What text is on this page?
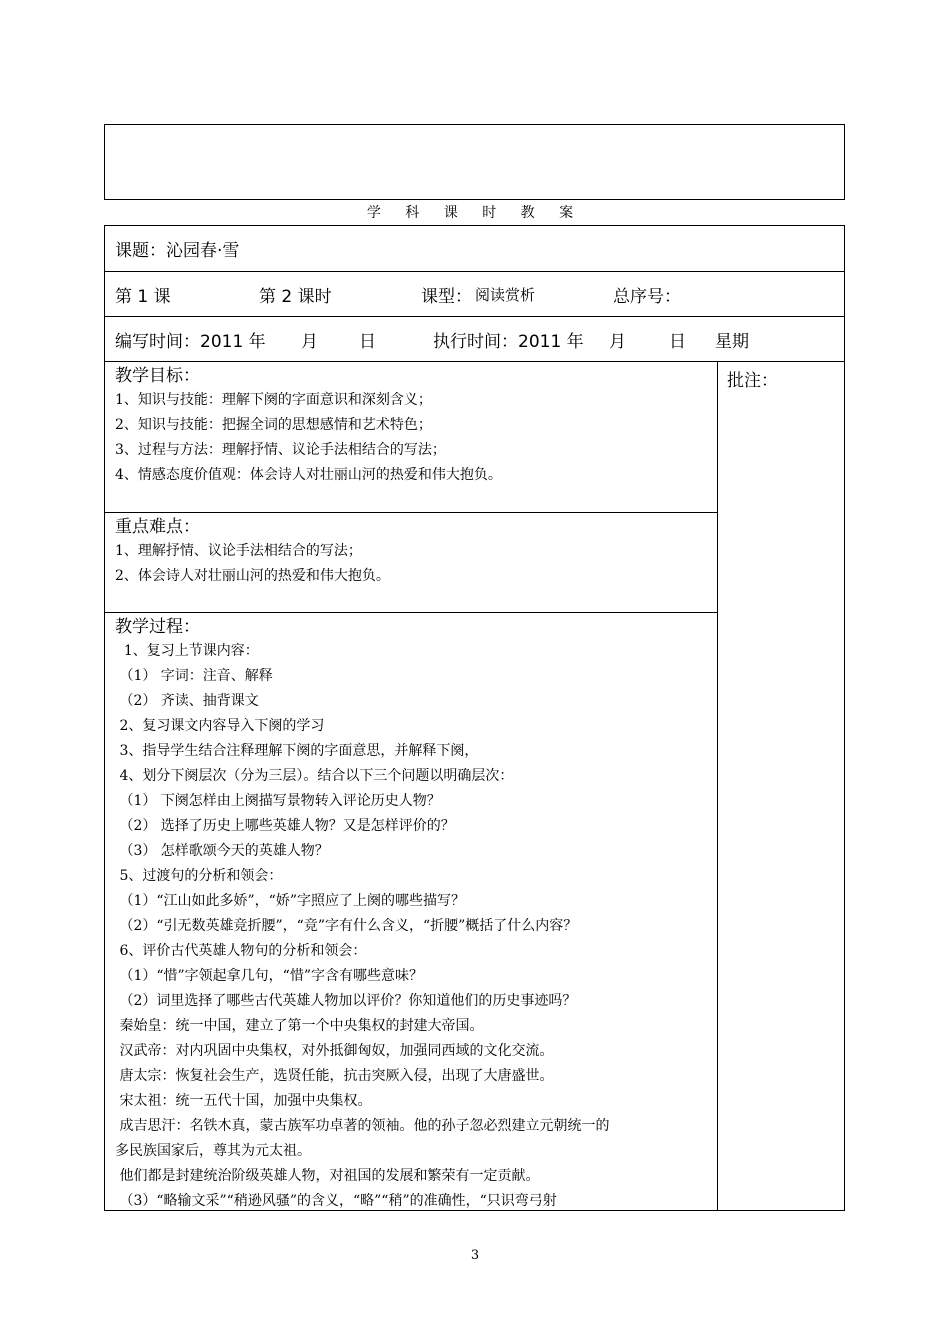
学 科 课 时 教 案
课题：沁园春·雪
第 1 课	第 2 课时	课型： 阅读赏析	总序号：
编写时间：2011 年 月 日	执行时间：2011 年 月	日 星期
批注：
教学目标：
1、知识与技能：理解下阕的字面意识和深刻含义；
2、知识与技能：把握全词的思想感情和艺术特色；
3、过程与方法：理解抒情、议论手法相结合的写法；
4、情感态度价值观：体会诗人对壮丽山河的热爱和伟大抱负。
重点难点：
1、理解抒情、议论手法相结合的写法；
2、体会诗人对壮丽山河的热爱和伟大抱负。
教学过程：
1、复习上节课内容：
（1） 字词：注音、解释
（2） 齐读、抽背课文
2、复习课文内容导入下阕的学习
3、指导学生结合注释理解下阕的字面意思，并解释下阕，
4、划分下阕层次（分为三层）。结合以下三个问题以明确层次：
（1） 下阕怎样由上阕描写景物转入评论历史人物？
（2） 选择了历史上哪些英雄人物？又是怎样评价的？
（3） 怎样歌颂今天的英雄人物？
5、过渡句的分析和领会：
（1）“江山如此多娇”，“娇”字照应了上阕的哪些描写？
（2）“引无数英雄竞折腰”，“竞”字有什么含义，“折腰”概括了什么内容？
6、评价古代英雄人物句的分析和领会：
（1）“惜”字领起拿几句，“惜”字含有哪些意味？
（2）词里选择了哪些古代英雄人物加以评价？你知道他们的历史事迹吗？
秦始皇：统一中国，建立了第一个中央集权的封建大帝国。
汉武帝：对内巩固中央集权，对外抵御匈奴，加强同西域的文化交流。
唐太宗：恢复社会生产，选贤任能，抗击突厥入侵，出现了大唐盛世。
宋太祖：统一五代十国，加强中央集权。
成吉思汗：名铁木真，蒙古族军功卓著的领袖。他的孙子忽必烈建立元朝统一的
多民族国家后，尊其为元太祖。
他们都是封建统治阶级英雄人物，对祖国的发展和繁荣有一定贡献。
（3）“略输文采”“稍逊风骚”的含义，“略”“稍”的准确性，“只识弯弓射
3
